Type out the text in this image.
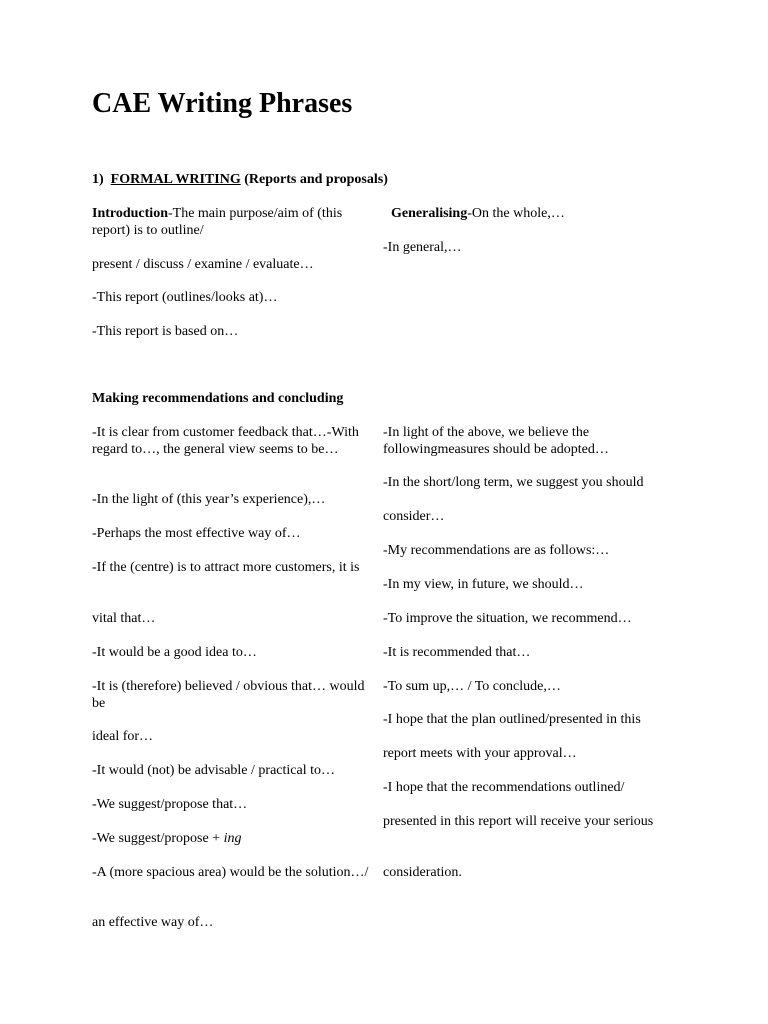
CAE Writing Phrases

1) FORMAL WRITING (Reports and proposals)

Introduction-The main purpose/aim of (this report) is to outline/

present / discuss / examine / evaluate…

-This report (outlines/looks at)…

-This report is based on…

Generalising-On the whole,…

-In general,…

Making recommendations and concluding

-It is clear from customer feedback that…-With regard to…, the general view seems to be…

-In the light of (this year’s experience),…

-Perhaps the most effective way of…

-If the (centre) is to attract more customers, it is

vital that…

-It would be a good idea to…

-It is (therefore) believed / obvious that… would be

ideal for…

-It would (not) be advisable / practical to…

-We suggest/propose that…

-We suggest/propose + ing

-A (more spacious area) would be the solution…/

an effective way of…

-In light of the above, we believe the followingmeasures should be adopted…

-In the short/long term, we suggest you should

consider…

-My recommendations are as follows:…

-In my view, in future, we should…

-To improve the situation, we recommend…

-It is recommended that…

-To sum up,… / To conclude,…

-I hope that the plan outlined/presented in this

report meets with your approval…

-I hope that the recommendations outlined/

presented in this report will receive your serious

consideration.
